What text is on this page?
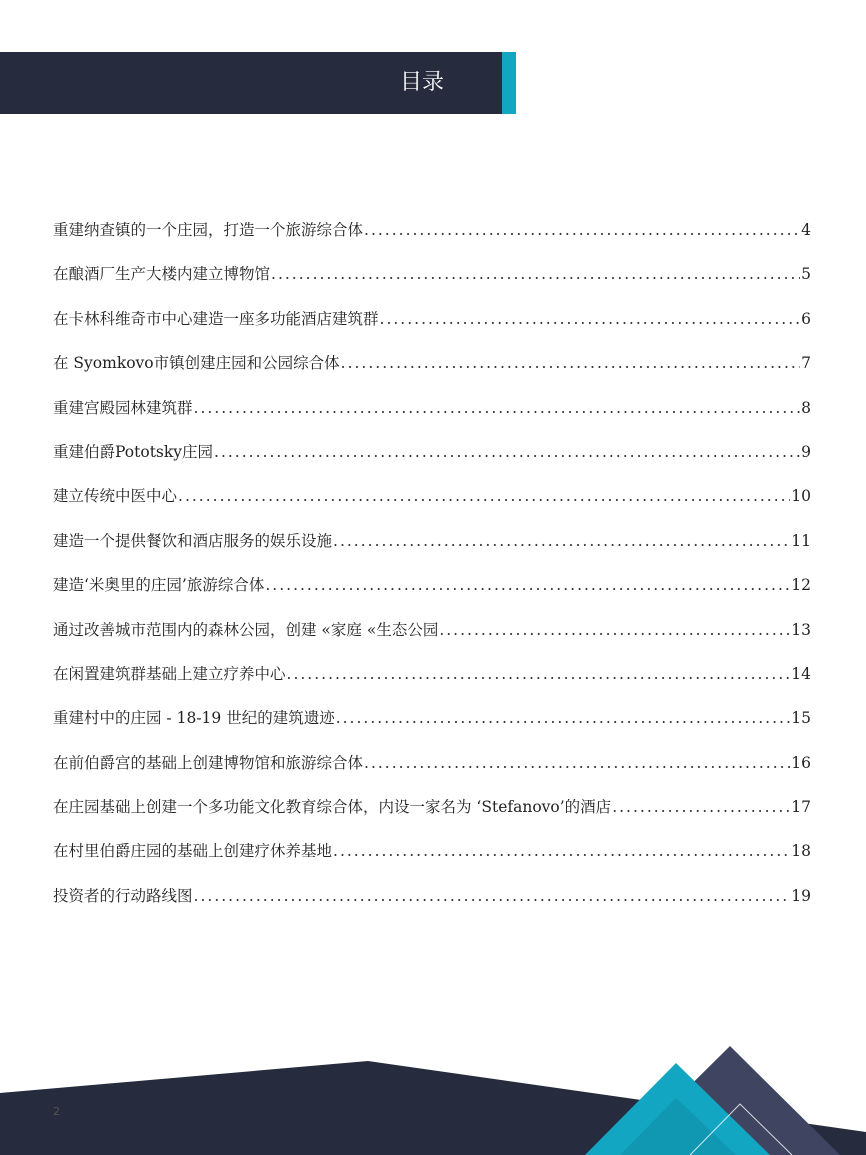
目录
重建纳查镇的一个庄园，打造一个旅游综合体 .....	4
在酿酒厂生产大楼内建立博物馆 .....	5
在卡林科维奇市中心建造一座多功能酒店建筑群 .....	6
在 Syomkovo市镇创建庄园和公园综合体 .....	7
重建宫殿园林建筑群 .....	8
重建伯爵Pototsky庄园 .....	9
建立传统中医中心 .....	10
建造一个提供餐饮和酒店服务的娱乐设施 .....	11
建造‘米奥里的庄园’旅游综合体 .....	12
通过改善城市范围内的森林公园，创建 «家庭 «生态公园 .....	13
在闲置建筑群基础上建立疗养中心 .....	14
重建村中的庄园 - 18-19 世纪的建筑遗迹 .....	15
在前伯爵宫的基础上创建博物馆和旅游综合体 .....	16
在庄园基础上创建一个多功能文化教育综合体，内设一家名为 ‘Stefanovo’的酒店 .....	17
在村里伯爵庄园的基础上创建疗休养基地 .....	18
投资者的行动路线图 .....	19
2
